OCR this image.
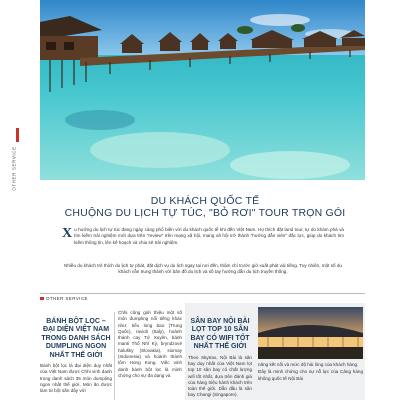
OTHER SERVICE
DU KHÁCH QUỐC TẾ
CHUỘNG DU LỊCH TỰ TÚC, "BỎ RƠI" TOUR TRỌN GÓI
Xu hướng du lịch tự túc đang ngày càng phổ biến với du khách quốc tế khi đến Việt Nam. Họ thích đặt land tour, tự do khám phá và tìm kiếm trải nghiệm mới dựa trên "review" trên mạng xã hội, mang xã hội trở thành "hướng dẫn viên" đắc lực, giúp du khách tìm kiếm thông tin, lên kế hoạch và chia sẻ trải nghiệm.
Nhiều du khách trẻ thích du lịch tự phát, đặt dịch vụ du lịch ngay tại nơi đến, thậm chí trước giờ xuất phát vài tiếng. Tuy nhiên, một số du khách vẫn trung thành với bản đồ du lịch và số tay hướng dẫn du lịch truyền thống.
OTHER SERVICE
BÁNH BỘT LỌC – ĐẠI DIỆN VIỆT NAM TRONG DANH SÁCH DUMPLING NGON NHẤT THẾ GIỚI

Bánh bột lọc là đại diện duy nhất của Việt Nam được Chhi vinh danh trong danh sách 35 món dumpling ngon nhất thế giới. Món ăn được làm từ bột sắn dây với

Chhi cũng giới thiệu một số món dumpling nổi tiếng khác như: tiểu long bao (Trung Quốc), ravioli (Italy), hoành thánh cay Tứ Xuyên, bánh manti Thổ Nhĩ Kỳ, bryndzové halušky (Slovakia), siomay (Indonesia) và hoành thánh tôm Hong Kong. Việc vinh danh bánh bột lọc là minh chứng cho sự đa dạng và
SÂN BAY NỘI BÀI LỌT TOP 10 SÂN BAY CÓ WIFI TỐT NHẤT THẾ GIỚI

Theo Skytrax, Nội Bài là sân bay duy nhất của Việt Nam lọt top 10 sân bay có chất lượng wifi tốt nhất, dựa trên đánh giá của hàng triệu hành khách trên toàn thế giới. Dẫn đầu là sân bay Changi (Singapore).

năng kết nối và mức độ hài lòng của khách hàng.

Đây là minh chứng cho sự nỗ lực của Cảng hàng không quốc tế Nội Bài
